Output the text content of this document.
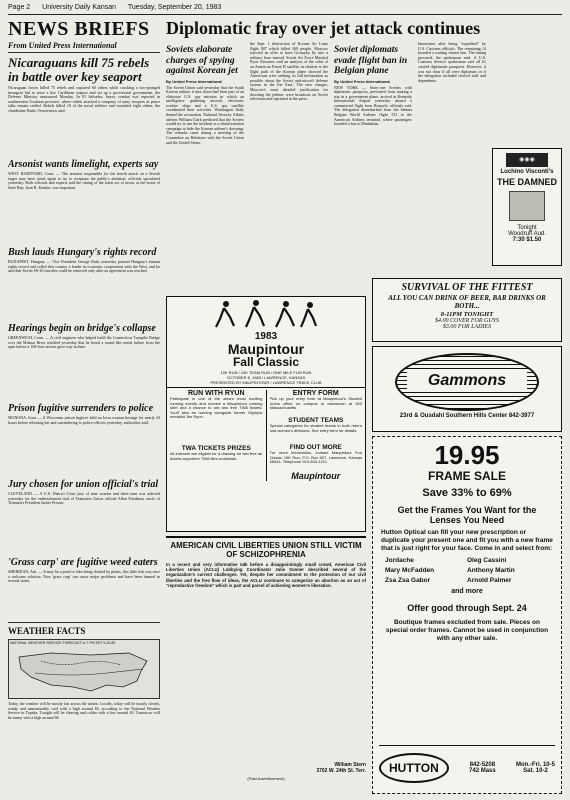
Page 2 University Daily Kansan Tuesday, September 20, 1983
NEWS BRIEFS
From United Press International
Nicaraguans kill 75 rebels in battle over key seaport

Nicaraguan forces killed 75 rebels and captured 60 others while crushing a two-pronged insurgent bid to seize a key Caribbean seaport and set up a provisional government, the Defense Ministry announced Monday. In El Salvador, heavy combat was reported in southeastern Usulutan province, where rebels attacked a company of army troopers as peace talks remain stalled. Rebels killed 10 of the naval soldiers and wounded eight others, the clandestine Radio Venceremos said.

Arsonist wants limelight, experts say

WEST HARTFORD, Conn. — The arsonist responsible for the fourth attack on a Jewish target may have acted again to try to recapture the public's attention, officials speculated yesterday. Both officials and experts said the timing of the latest act of arson, at the home of State Rep. Joan R. Kemler, was important.

Bush lauds Hungary's rights record

BUDAPEST, Hungary — Vice President George Bush yesterday praised Hungary's human rights record and called that country a leader in economic cooperation with the West, and he said that Soviet SS-20 missiles could be removed only after an agreement was reached.

Hearings begin on bridge's collapse

GREENWICH, Conn. — A civil engineer who helped build the Connecticut Turnpike Bridge over the Mianus River testified yesterday that he heard a sound like metal failure from the span before a 100-foot section gave way in June.

Prison fugitive surrenders to police

MONONA, Iowa — A Wisconsin prison fugitive held an Iowa woman hostage for nearly 24 hours before releasing her and surrendering to police officers yesterday, authorities said.

Jury chosen for union official's trial

CLEVELAND — A U.S. District Court jury of nine women and three men was selected yesterday for the embezzlement trial of Teamsters Union official Allen Friedman, uncle of Teamsters President Jackie Presser.

'Grass carp' are fugitive weed eaters

SHERIDAN, Ark. — It may be a pond or lake being choked by plants, this little fish was once a welcome solution. Now 'grass carp' can cause major problems and have been banned in several states.

WEATHER FACTS
NATIONAL WEATHER SERVICE FORECAST to 7 PM EST 9-20-83

Today, the weather will be mostly fair across the nation. Locally, today will be mostly clearly, windy and unseasonably cool with a high around 65, according to the National Weather Service in Topeka. Tonight will be clearing and colder with a low around 40. Tomorrow will be sunny with a high around 68.

Diplomatic fray over jet attack continues
Soviets elaborate charges of spying against Korean jet
By United Press International

The Soviet Union said yesterday that the South Korean airliner it shot down had been part of an elaborate U.S. spy mission in which an intelligence gathering aircraft, electronic warfare ships and a U.S. spy satellite coordinated their activities. Washington flatly denied the accusation. National Security Affairs adviser William Clark predicted that the Soviets would try to use the incident as a disinformation campaign to hide the Korean airliner's downing. The remarks came during a meeting of the Committee on Relations with the Soviet Union and the United States.

the Sept. 1 destruction of Korean Air Lines flight 007 which killed 269 people. Moscow rejected an offer to have Gromyko fly into a military base instead. Soviet Air Force Marshal Pyotr Kirsanov said an analysis of the orbit of an American Ferret-D satellite in relation to the flight path of the Korean plane showed the Americans were seeking 'as full information as possible about the Soviet anti-aircraft defense system in the Far East.' The new charges, Moscow's most detailed justification for downing the jetliner, were broadcast on Soviet television and reprinted in the press.

Soviet diplomats evade flight ban in Belgian plane
By United Press International

NEW YORK — Sixty-one Soviets with diplomatic passports, prevented from making a trip in a government plane, arrived at Kennedy International Airport yesterday aboard a commercial flight from Brussels, officials said. The delegation disembarked from the Sabena Belgian World Airlines flight 531 at the American Airlines terminal, where passengers boarded a bus to Manhattan.

limousines after being "expedited" by U.S. Customs officials. The remaining 14 boarded a waiting charter bus. The timing procured, the spokesman said. A U.S. Customs Service spokesman said all 61 carried diplomatic passports. However, it was not clear if all were diplomats or if the delegation included clerical staff and dependents.

◉◉◉
Luchino Visconti's
THE DAMNED
Tonight
Woodruff Aud.
7:30 $1.50
1983
Maupintour
Fall Classic
10K RUN / 10K TEAM RUN / ONE MILE FUN RUN
OCTOBER 8, 1983 / LAWRENCE, KANSAS
PRESENTED BY MAUPINTOUR / LAWRENCE TRACK CLUB
RUN WITH RYUN

Participate in one of the area's most exciting running events and receive a Maupintour running shirt and a chance to win two free TWA tickets. You'll also be running alongside former Olympic medalist Jim Ryun.

TWA TICKETS PRIZES

All entrants are eligible for a drawing for two free air tickets anywhere TWA flies worldwide.

ENTRY FORM

Pick up your entry form at Maupintour's Student Union office on campus or downtown at 900 Massachusetts.

STUDENT TEAMS

Special categories for student teams in both men's and women's divisions. See entry form for details.

FIND OUT MORE

For more information, contact Maupintour Fun Classic 10K Run, P.O. Box 807, Lawrence, Kansas 66044. Telephone 913-843-1211.

Maupintour
AMERICAN CIVIL LIBERTIES UNION STILL VICTIM OF SCHIZOPHRENIA

In a recent and very informative talk before a disappointingly small crowd, American Civil Liberties Union (ACLU) Lobbying Coordinator Julie Sonner described several of the organization's current challenges. Yet, despite her commitment to the protection of our civil liberties and the free flow of ideas, the ACLU continues to categorize an abortion as an act of "reproductive freedom" which is part and parcel of achieving women's liberation.

William Stern
3702 W. 24th St. Terr.
(Paid Advertisement)
SURVIVAL OF THE FITTEST
ALL YOU CAN DRINK OF BEER, BAR DRINKS OR BOTH...
8-11PM TONIGHT
$4.00 COVER FOR GUYS
$3.00 FOR LADIES
Gammons
23rd & Ousdahl Southern Hills Center 842-3977
19.95
FRAME SALE
Save 33% to 69%
Get the Frames You Want for the Lenses You Need
Hutton Optical can fill your new prescription or duplicate your present one and fit you with a new frame that is just right for your face. Come in and select from:
Jordache	Oleg Cassini
Mary McFadden	Anthony Martin
Zsa Zsa Gabor	Arnold Palmer
and more
Offer good through Sept. 24
Boutique frames excluded from sale. Pieces on special order frames. Cannot be used in conjunction with any other sale.
HUTTON	842-5208
742 Mass
Mon.-Fri. 10-5
Sat. 10-2
